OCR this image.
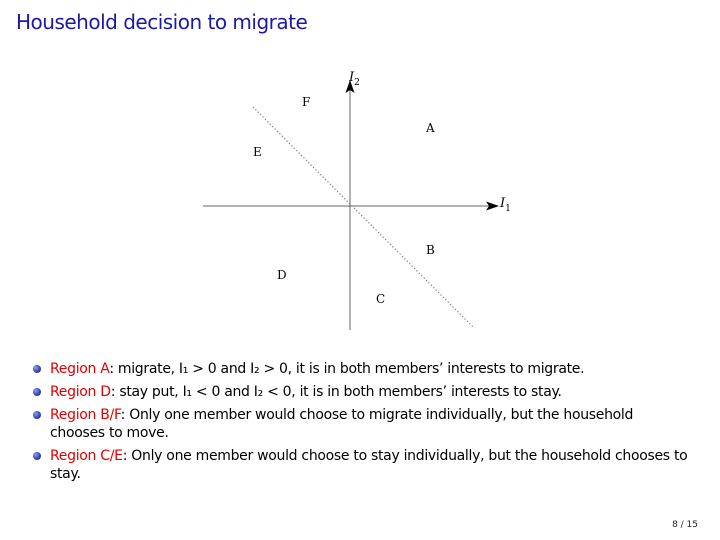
Household decision to migrate
$I_1$
$I_2$
F
A
E
B
D
C
Region A: migrate, I₁ > 0 and I₂ > 0, it is in both members’ interests to migrate.
Region D: stay put, I₁ < 0 and I₂ < 0, it is in both members’ interests to stay.
Region B/F: Only one member would choose to migrate individually, but the household chooses to move.
Region C/E: Only one member would choose to stay individually, but the household chooses to stay.
8 / 15
